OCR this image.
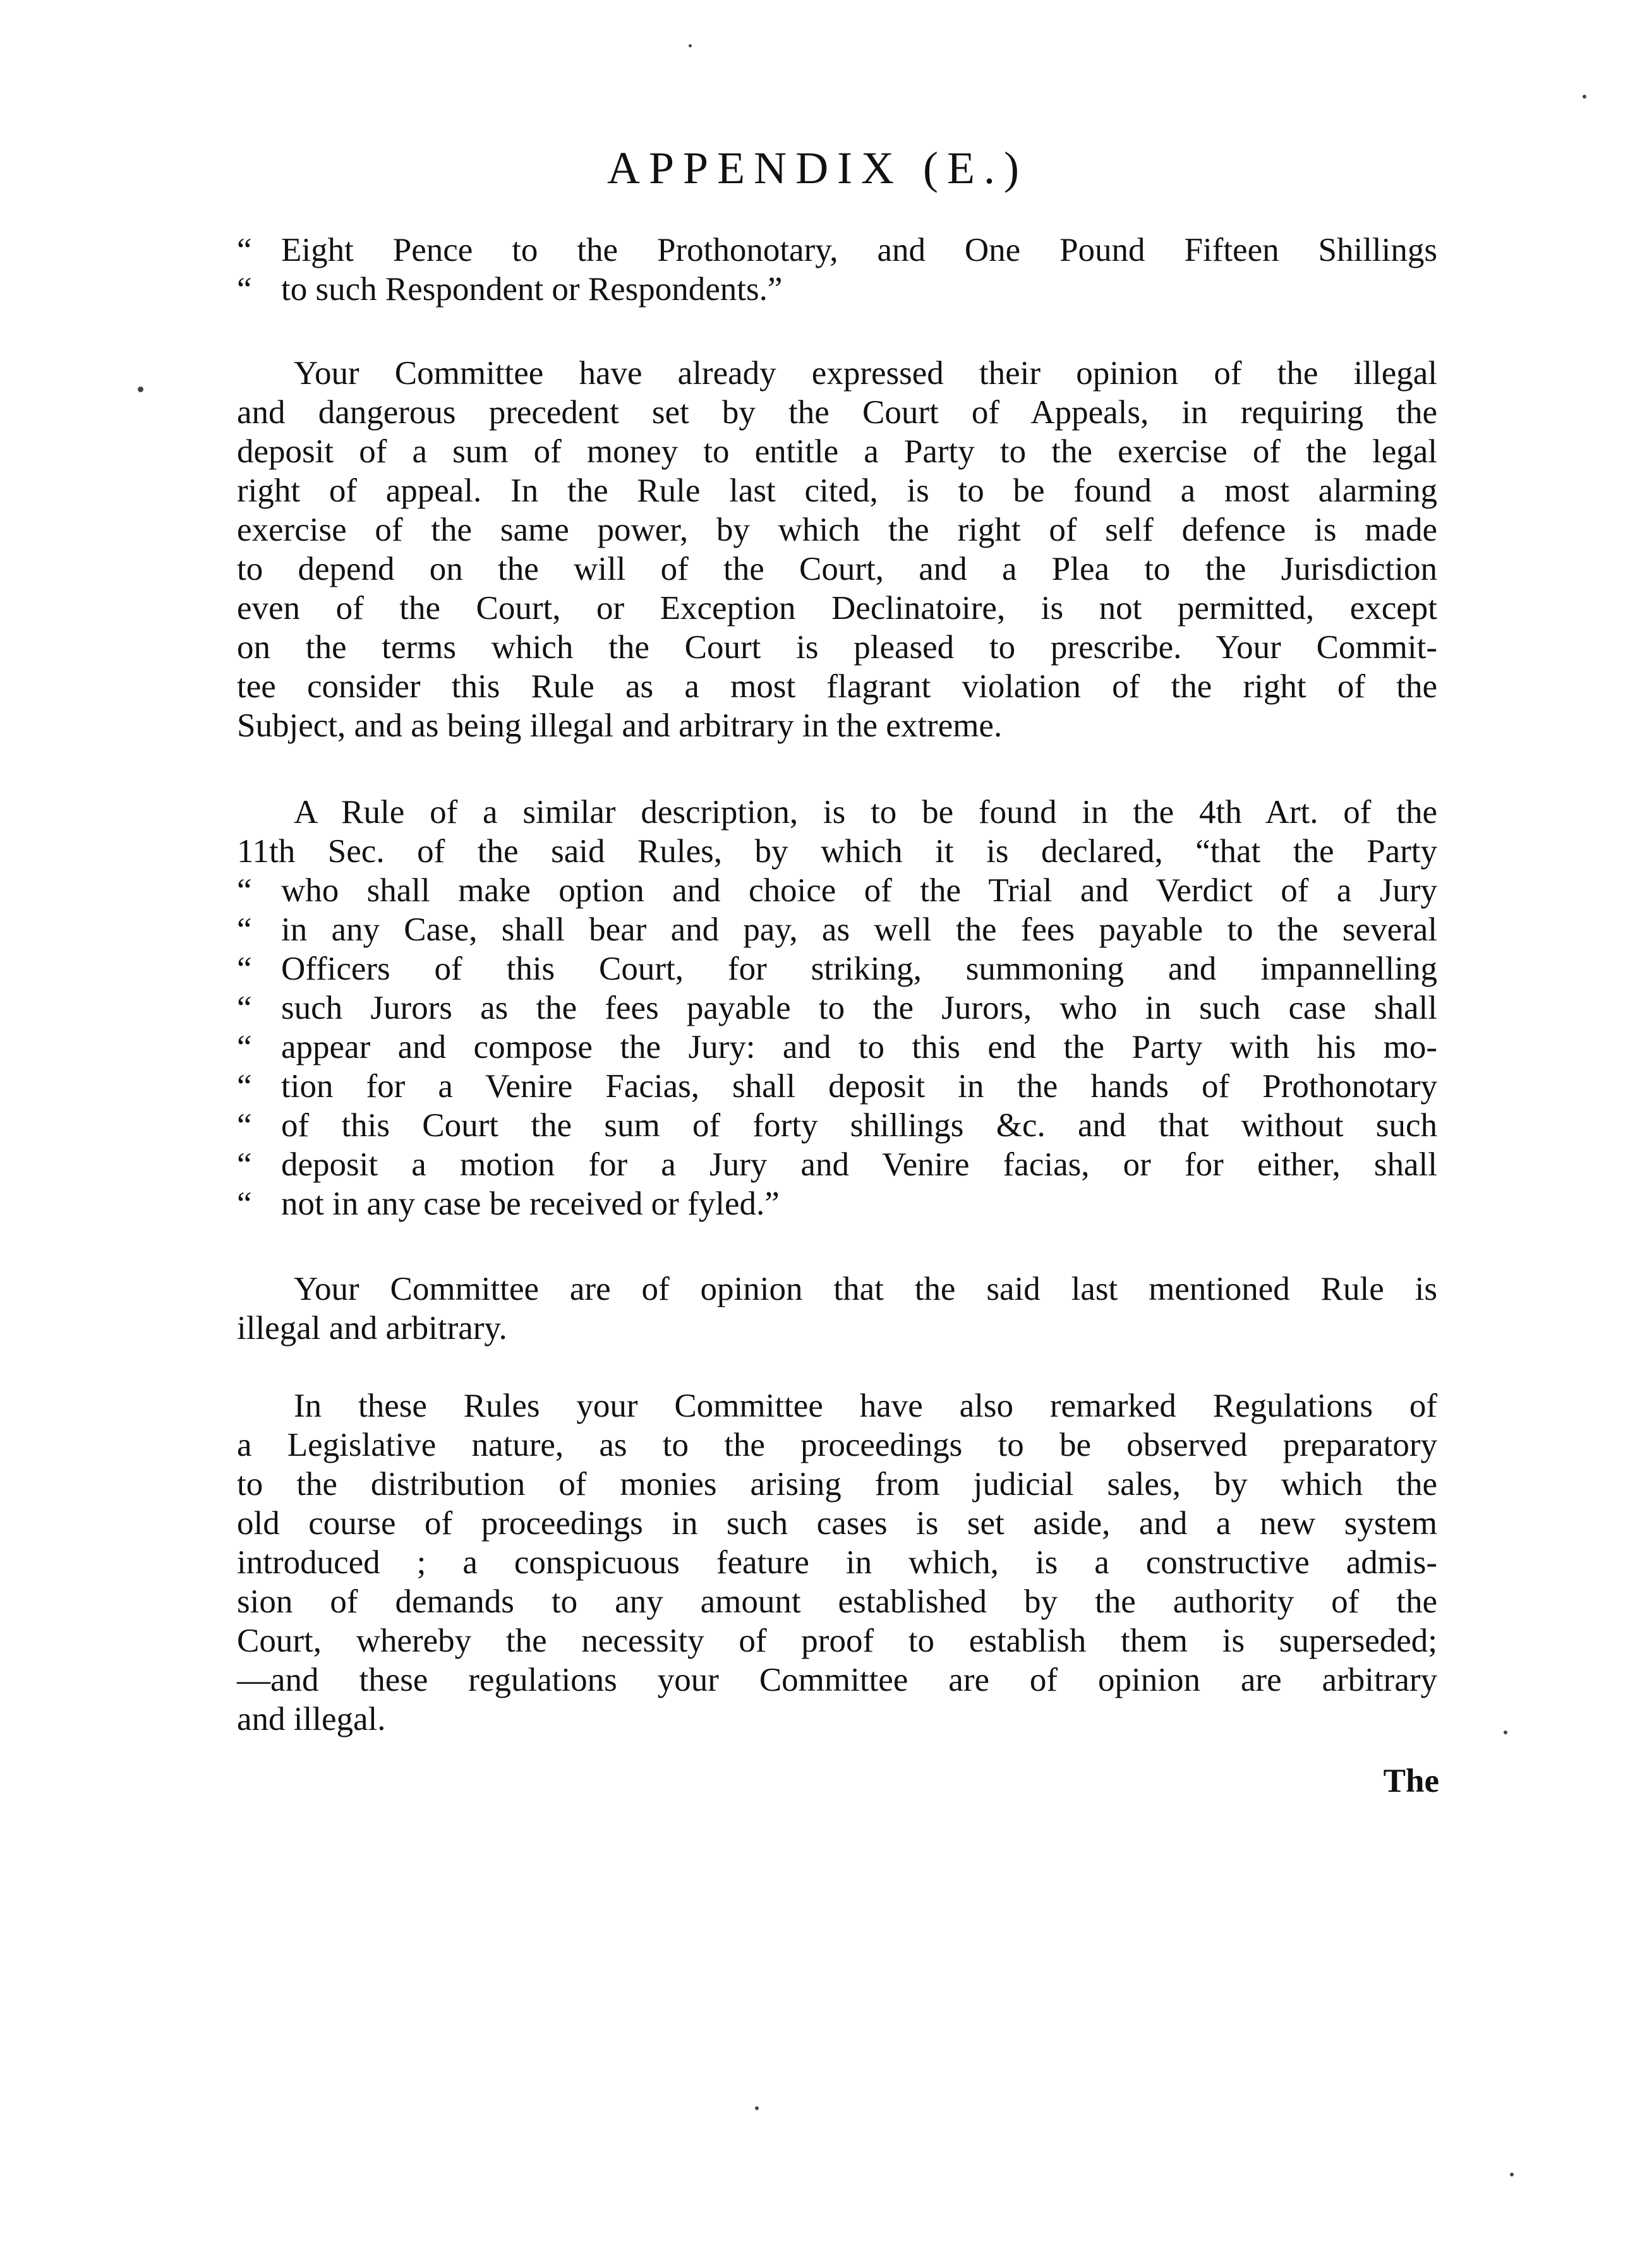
APPENDIX (E.)
“ Eight Pence to the Prothonotary, and One Pound Fifteen Shillings
“ to such Respondent or Respondents.”
Your Committee have already expressed their opinion of the illegal
and dangerous precedent set by the Court of Appeals, in requiring the
deposit of a sum of money to entitle a Party to the exercise of the legal
right of appeal. In the Rule last cited, is to be found a most alarming
exercise of the same power, by which the right of self defence is made
to depend on the will of the Court, and a Plea to the Jurisdiction
even of the Court, or Exception Declinatoire, is not permitted, except
on the terms which the Court is pleased to prescribe. Your Commit-
tee consider this Rule as a most flagrant violation of the right of the
Subject, and as being illegal and arbitrary in the extreme.
A Rule of a similar description, is to be found in the 4th Art. of the
11th Sec. of the said Rules, by which it is declared, “that the Party
“ who shall make option and choice of the Trial and Verdict of a Jury
“ in any Case, shall bear and pay, as well the fees payable to the several
“ Officers of this Court, for striking, summoning and impannelling
“ such Jurors as the fees payable to the Jurors, who in such case shall
“ appear and compose the Jury: and to this end the Party with his mo-
“ tion for a Venire Facias, shall deposit in the hands of Prothonotary
“ of this Court the sum of forty shillings &c. and that without such
“ deposit a motion for a Jury and Venire facias, or for either, shall
“ not in any case be received or fyled.”
Your Committee are of opinion that the said last mentioned Rule is
illegal and arbitrary.
In these Rules your Committee have also remarked Regulations of
a Legislative nature, as to the proceedings to be observed preparatory
to the distribution of monies arising from judicial sales, by which the
old course of proceedings in such cases is set aside, and a new system
introduced ; a conspicuous feature in which, is a constructive admis-
sion of demands to any amount established by the authority of the
Court, whereby the necessity of proof to establish them is superseded;
—and these regulations your Committee are of opinion are arbitrary
and illegal.
The
